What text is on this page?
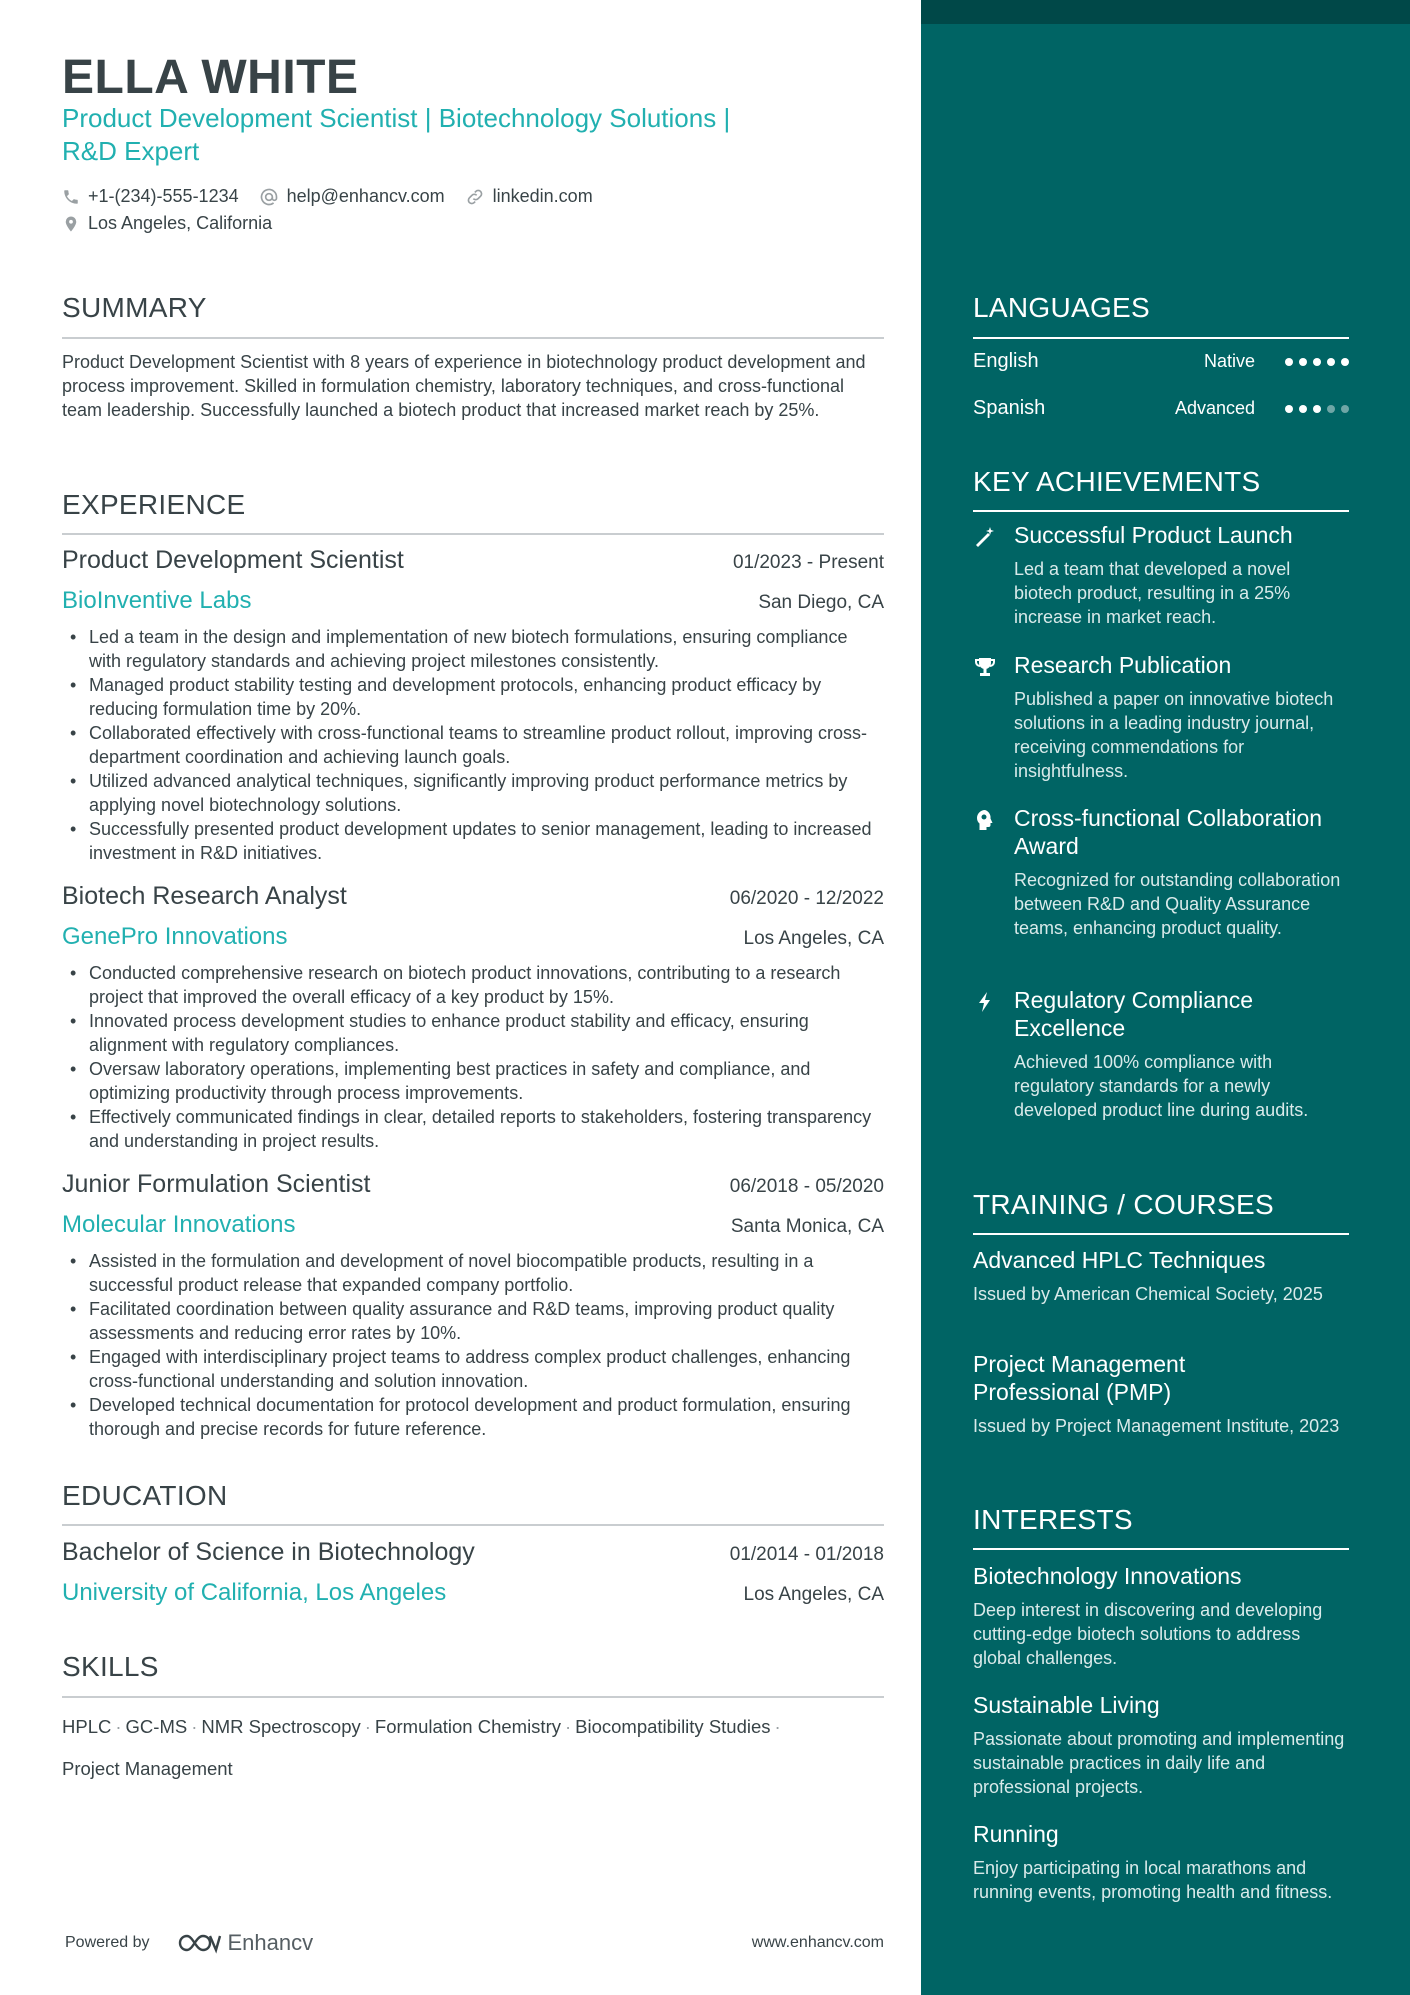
ELLA WHITE
Product Development Scientist | Biotechnology Solutions |
R&D Expert
+1-(234)-555-1234	help@enhancv.com	linkedin.com
Los Angeles, California
SUMMARY
Product Development Scientist with 8 years of experience in biotechnology product development and process improvement. Skilled in formulation chemistry, laboratory techniques, and cross-functional team leadership. Successfully launched a biotech product that increased market reach by 25%.
EXPERIENCE
Product Development Scientist	01/2023 - Present
BioInventive Labs	San Diego, CA
• Led a team in the design and implementation of new biotech formulations, ensuring compliance with regulatory standards and achieving project milestones consistently.
• Managed product stability testing and development protocols, enhancing product efficacy by reducing formulation time by 20%.
• Collaborated effectively with cross-functional teams to streamline product rollout, improving cross-department coordination and achieving launch goals.
• Utilized advanced analytical techniques, significantly improving product performance metrics by applying novel biotechnology solutions.
• Successfully presented product development updates to senior management, leading to increased investment in R&D initiatives.
Biotech Research Analyst	06/2020 - 12/2022
GenePro Innovations	Los Angeles, CA
• Conducted comprehensive research on biotech product innovations, contributing to a research project that improved the overall efficacy of a key product by 15%.
• Innovated process development studies to enhance product stability and efficacy, ensuring alignment with regulatory compliances.
• Oversaw laboratory operations, implementing best practices in safety and compliance, and optimizing productivity through process improvements.
• Effectively communicated findings in clear, detailed reports to stakeholders, fostering transparency and understanding in project results.
Junior Formulation Scientist	06/2018 - 05/2020
Molecular Innovations	Santa Monica, CA
• Assisted in the formulation and development of novel biocompatible products, resulting in a successful product release that expanded company portfolio.
• Facilitated coordination between quality assurance and R&D teams, improving product quality assessments and reducing error rates by 10%.
• Engaged with interdisciplinary project teams to address complex product challenges, enhancing cross-functional understanding and solution innovation.
• Developed technical documentation for protocol development and product formulation, ensuring thorough and precise records for future reference.
EDUCATION
Bachelor of Science in Biotechnology	01/2014 - 01/2018
University of California, Los Angeles	Los Angeles, CA
SKILLS
HPLC · GC-MS · NMR Spectroscopy · Formulation Chemistry · Biocompatibility Studies ·
Project Management
Powered by	Enhancv	www.enhancv.com
LANGUAGES
English	Native
Spanish	Advanced
KEY ACHIEVEMENTS
Successful Product Launch
Led a team that developed a novel biotech product, resulting in a 25% increase in market reach.
Research Publication
Published a paper on innovative biotech solutions in a leading industry journal, receiving commendations for insightfulness.
Cross-functional Collaboration Award
Recognized for outstanding collaboration between R&D and Quality Assurance teams, enhancing product quality.
Regulatory Compliance Excellence
Achieved 100% compliance with regulatory standards for a newly developed product line during audits.
TRAINING / COURSES
Advanced HPLC Techniques
Issued by American Chemical Society, 2025
Project Management Professional (PMP)
Issued by Project Management Institute, 2023
INTERESTS
Biotechnology Innovations
Deep interest in discovering and developing cutting-edge biotech solutions to address global challenges.
Sustainable Living
Passionate about promoting and implementing sustainable practices in daily life and professional projects.
Running
Enjoy participating in local marathons and running events, promoting health and fitness.
